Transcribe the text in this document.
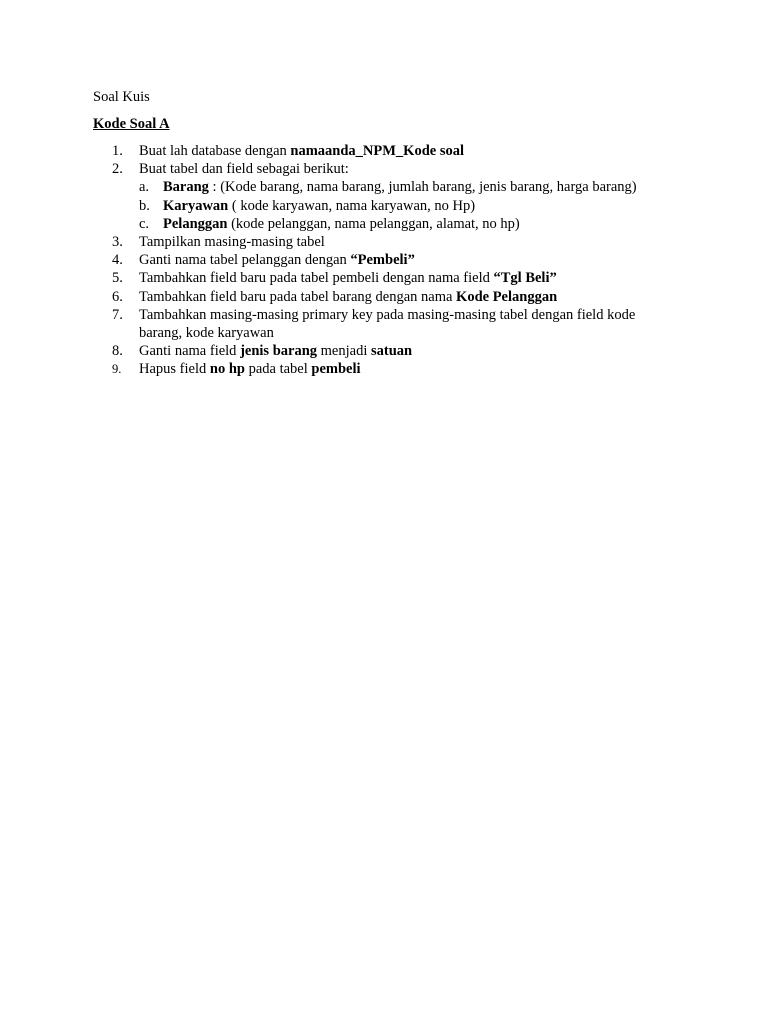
Soal Kuis
Kode Soal A
1.	Buat lah database dengan namaanda_NPM_Kode soal
2.	Buat tabel dan field sebagai berikut:
a. Barang : (Kode barang, nama barang, jumlah barang, jenis barang, harga barang)
b. Karyawan ( kode karyawan, nama karyawan, no Hp)
c. Pelanggan (kode pelanggan, nama pelanggan, alamat, no hp)
3.	Tampilkan masing-masing tabel
4.	Ganti nama tabel pelanggan dengan “Pembeli”
5.	Tambahkan field baru pada tabel pembeli dengan nama field “Tgl Beli”
6.	Tambahkan field baru pada tabel barang dengan nama Kode Pelanggan
7.	Tambahkan masing-masing primary key pada masing-masing tabel dengan field kode barang, kode karyawan
8.	Ganti nama field jenis barang menjadi satuan
9.	Hapus field no hp pada tabel pembeli
